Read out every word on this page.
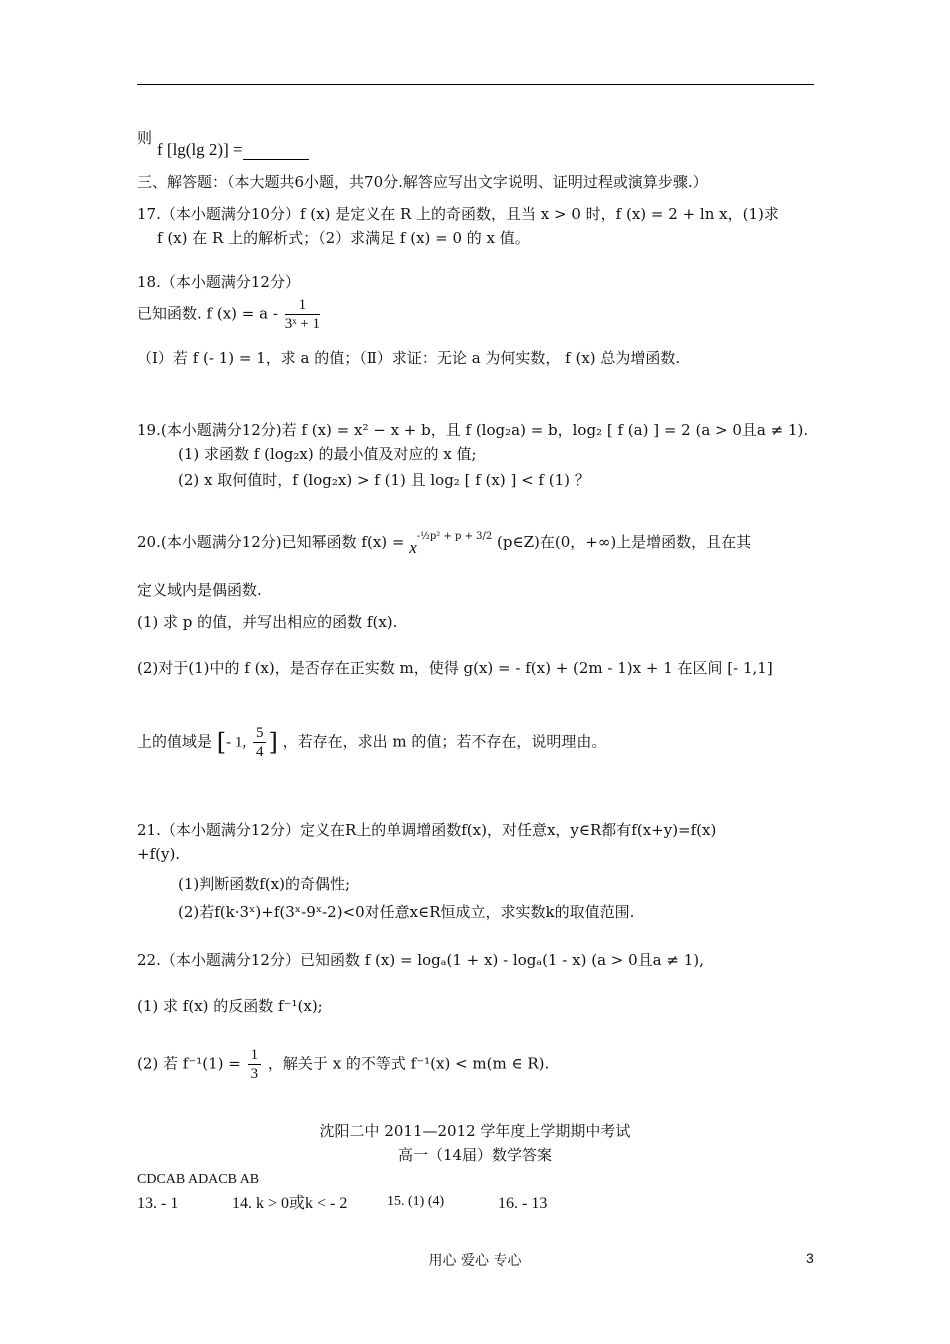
则
f [lg(lg 2)] =
三、解答题：（本大题共6小题，共70分.解答应写出文字说明、证明过程或演算步骤.）
17.（本小题满分10分）f (x) 是定义在 R 上的奇函数，且当 x > 0 时，f (x) = 2 + ln x，(1)求
f (x) 在 R 上的解析式；（2）求满足 f (x) = 0 的 x 值。
18.（本小题满分12分）
已知函数. f $(x) = a - \frac{1}{\text{3ˣ + 1}}$
（Ⅰ）若 f (- 1) = 1，求 a 的值；（Ⅱ）求证：无论 a 为何实数， f (x) 总为增函数.
19.(本小题满分12分)若 f (x) = x² − x + b，且 f (log₂a) = b，log₂ [ f (a) ] = 2 (a > 0且a ≠ 1).
(1) 求函数 f (log₂x) 的最小值及对应的 x 值;
(2) x 取何值时，f (log₂x) > f (1) 且 log₂ [ f (x) ] < f (1) ？
20.(本小题满分12分)已知幂函数 $f(x) = x^{-\frac{1}{2}p^2 + p + 3/2}$ (p∈Z)在(0，+∞)上是增函数，且在其
定义域内是偶函数.
(1) 求 p 的值，并写出相应的函数 f(x).
(2)对于(1)中的 f (x)，是否存在正实数 m，使得 g(x) = - f(x) + (2m - 1)x + 1 在区间 [- 1,1]
上的值域是 [- 1, $\frac{5}{4}$ ] ，若存在，求出 m 的值；若不存在，说明理由。
21.（本小题满分12分）定义在R上的单调增函数f(x)，对任意x，y∈R都有f(x+y)=f(x)
+f(y).
(1)判断函数f(x)的奇偶性;
(2)若f(k·3ˣ)+f(3ˣ-9ˣ-2)<0对任意x∈R恒成立，求实数k的取值范围.
22.（本小题满分12分）已知函数 f (x) = logₐ(1 + x) - logₐ(1 - x) (a > 0且a ≠ 1),
(1) 求 f(x) 的反函数 f⁻¹(x);
(2) 若 $f^{-1}(1) = \frac{1}{3}$ ，解关于 x 的不等式 f⁻¹(x) < m(m ∈ R).
沈阳二中 2011—2012 学年度上学期期中考试
高一（14届）数学答案
CDCAB ADACB AB
13. - 1	14. k > 0或k < - 2	15. (1) (4)	16. - 13
用心 爱心 专心	3
